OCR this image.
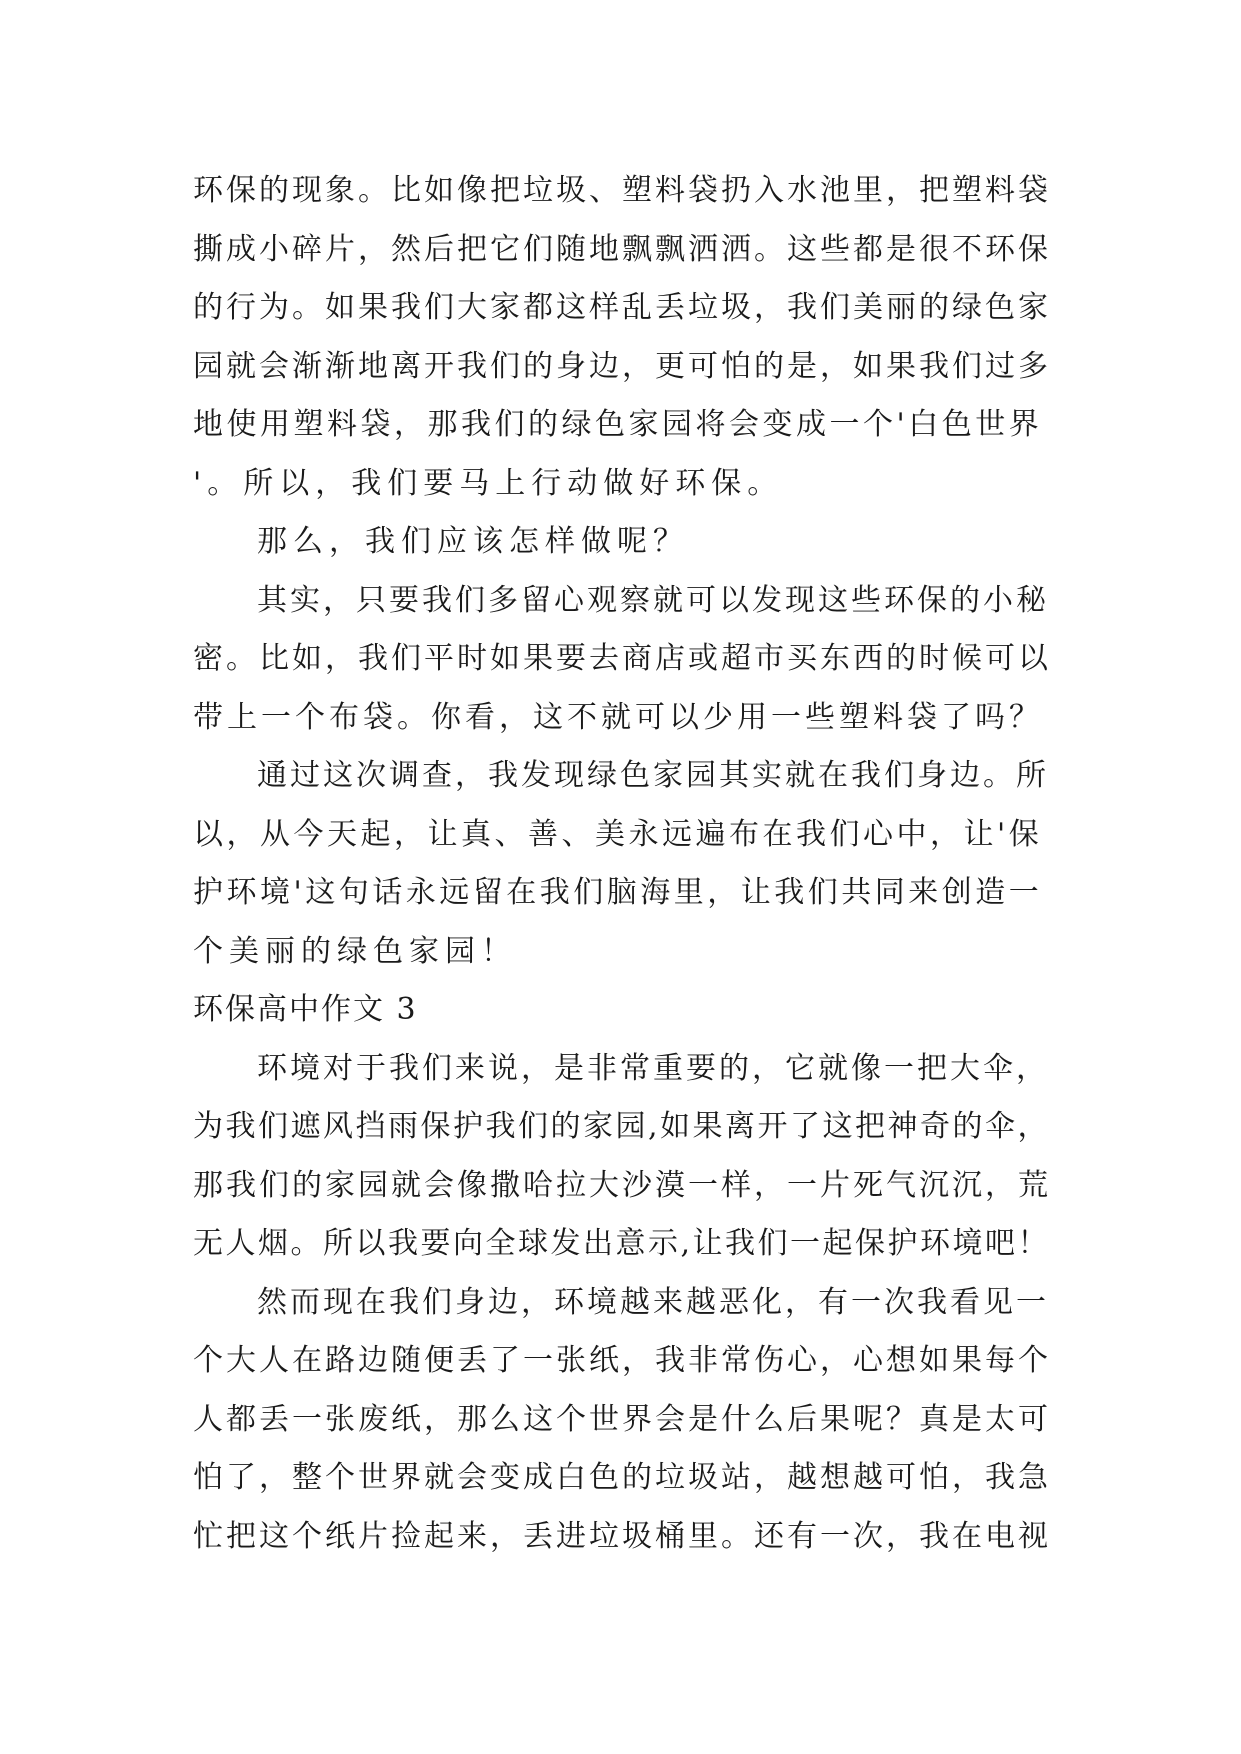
环保的现象。比如像把垃圾、塑料袋扔入水池里，把塑料袋

撕成小碎片，然后把它们随地飘飘洒洒。这些都是很不环保

的行为。如果我们大家都这样乱丢垃圾，我们美丽的绿色家

园就会渐渐地离开我们的身边，更可怕的是，如果我们过多

地使用塑料袋，那我们的绿色家园将会变成一个'白色世界

'。所以，我们要马上行动做好环保。

那么，我们应该怎样做呢？

其实，只要我们多留心观察就可以发现这些环保的小秘

密。比如，我们平时如果要去商店或超市买东西的时候可以

带上一个布袋。你看，这不就可以少用一些塑料袋了吗？

通过这次调查，我发现绿色家园其实就在我们身边。所

以，从今天起，让真、善、美永远遍布在我们心中，让'保

护环境'这句话永远留在我们脑海里，让我们共同来创造一

个美丽的绿色家园！

环保高中作文 3

环境对于我们来说，是非常重要的，它就像一把大伞，

为我们遮风挡雨保护我们的家园,如果离开了这把神奇的伞，

那我们的家园就会像撒哈拉大沙漠一样，一片死气沉沉，荒

无人烟。所以我要向全球发出意示,让我们一起保护环境吧！

然而现在我们身边，环境越来越恶化，有一次我看见一

个大人在路边随便丢了一张纸，我非常伤心，心想如果每个

人都丢一张废纸，那么这个世界会是什么后果呢？真是太可

怕了，整个世界就会变成白色的垃圾站，越想越可怕，我急

忙把这个纸片捡起来，丢进垃圾桶里。还有一次，我在电视
